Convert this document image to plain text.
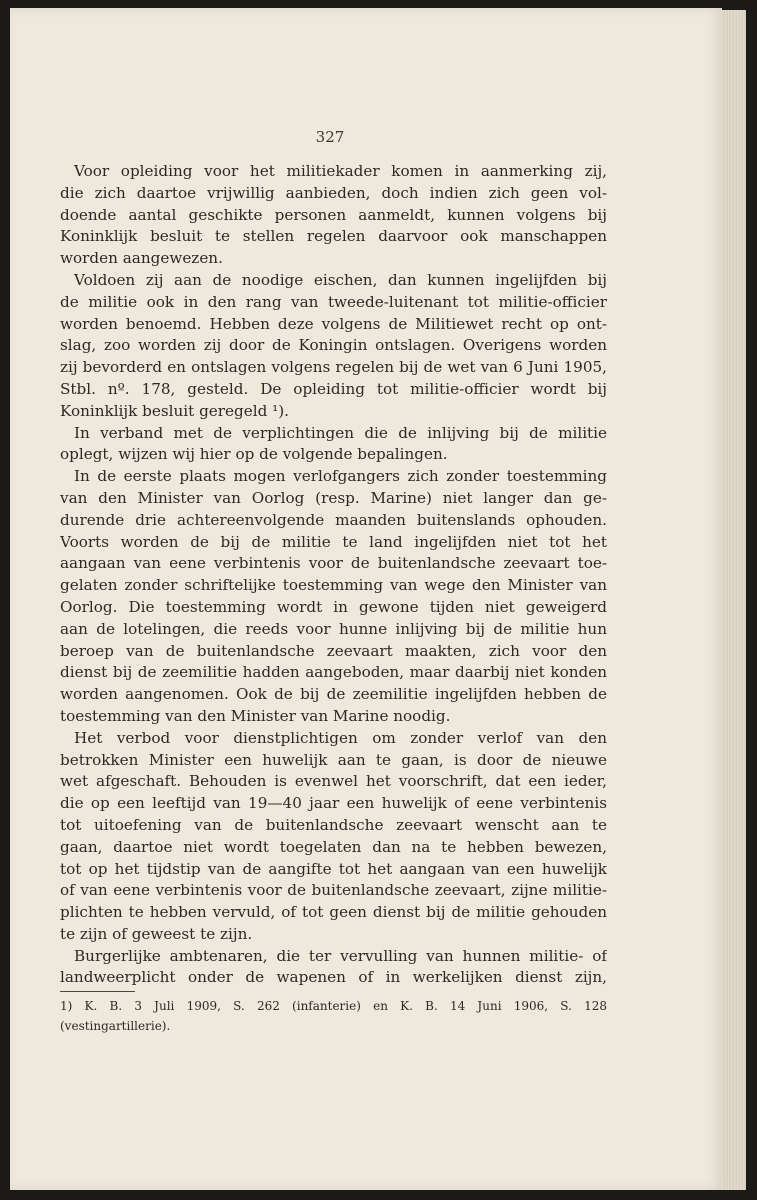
327

Voor opleiding voor het militiekader komen in aanmerking zij,
die zich daartoe vrijwillig aanbieden, doch indien zich geen vol-
doende aantal geschikte personen aanmeldt, kunnen volgens bij
Koninklijk besluit te stellen regelen daarvoor ook manschappen
worden aangewezen.
Voldoen zij aan de noodige eischen, dan kunnen ingelijfden bij
de militie ook in den rang van tweede-luitenant tot militie-officier
worden benoemd. Hebben deze volgens de Militiewet recht op ont-
slag, zoo worden zij door de Koningin ontslagen. Overigens worden
zij bevorderd en ontslagen volgens regelen bij de wet van 6 Juni 1905,
Stbl. nº. 178, gesteld. De opleiding tot militie-officier wordt bij
Koninklijk besluit geregeld ¹).
In verband met de verplichtingen die de inlijving bij de militie
oplegt, wijzen wij hier op de volgende bepalingen.
In de eerste plaats mogen verlofgangers zich zonder toestemming
van den Minister van Oorlog (resp. Marine) niet langer dan ge-
durende drie achtereenvolgende maanden buitenslands ophouden.
Voorts worden de bij de militie te land ingelijfden niet tot het
aangaan van eene verbintenis voor de buitenlandsche zeevaart toe-
gelaten zonder schriftelijke toestemming van wege den Minister van
Oorlog. Die toestemming wordt in gewone tijden niet geweigerd
aan de lotelingen, die reeds voor hunne inlijving bij de militie hun
beroep van de buitenlandsche zeevaart maakten, zich voor den
dienst bij de zeemilitie hadden aangeboden, maar daarbij niet konden
worden aangenomen. Ook de bij de zeemilitie ingelijfden hebben de
toestemming van den Minister van Marine noodig.
Het verbod voor dienstplichtigen om zonder verlof van den
betrokken Minister een huwelijk aan te gaan, is door de nieuwe
wet afgeschaft. Behouden is evenwel het voorschrift, dat een ieder,
die op een leeftijd van 19—40 jaar een huwelijk of eene verbintenis
tot uitoefening van de buitenlandsche zeevaart wenscht aan te
gaan, daartoe niet wordt toegelaten dan na te hebben bewezen,
tot op het tijdstip van de aangifte tot het aangaan van een huwelijk
of van eene verbintenis voor de buitenlandsche zeevaart, zijne militie-
plichten te hebben vervuld, of tot geen dienst bij de militie gehouden
te zijn of geweest te zijn.
Burgerlijke ambtenaren, die ter vervulling van hunnen militie- of
landweerplicht onder de wapenen of in werkelijken dienst zijn,
1) K. B. 3 Juli 1909, S. 262 (infanterie) en K. B. 14 Juni 1906, S. 128
(vestingartillerie).
